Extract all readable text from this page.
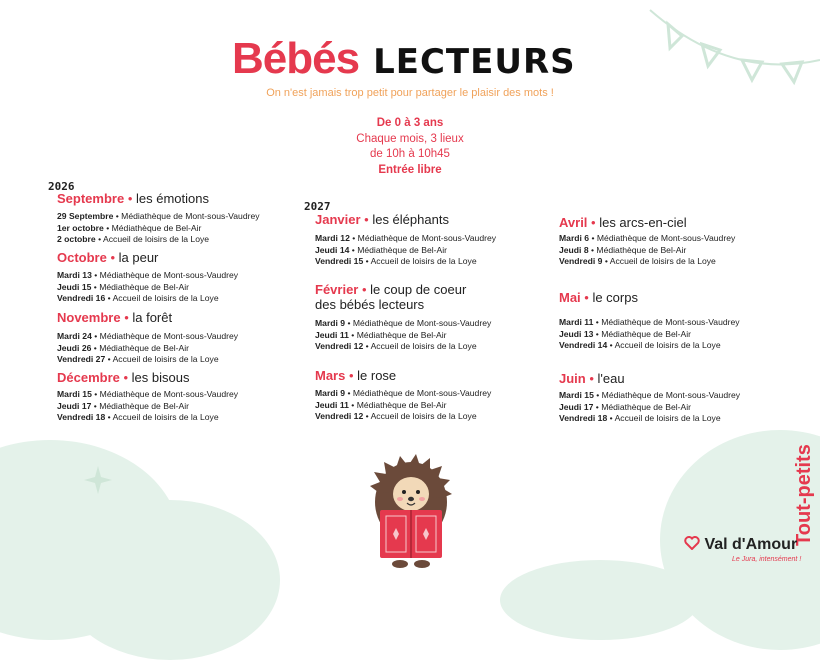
Bébés LECTEURS
On n'est jamais trop petit pour partager le plaisir des mots !
De 0 à 3 ans
Chaque mois, 3 lieux
de 10h à 10h45
Entrée libre
2026
2027
Septembre • les émotions
29 Septembre • Médiathèque de Mont-sous-Vaudrey
1er octobre • Médiathèque de Bel-Air
2 octobre • Accueil de loisirs de la Loye
Octobre • la peur
Mardi 13 • Médiathèque de Mont-sous-Vaudrey
Jeudi 15 • Médiathèque de Bel-Air
Vendredi 16 • Accueil de loisirs de la Loye
Novembre • la forêt
Mardi 24 • Médiathèque de Mont-sous-Vaudrey
Jeudi 26 • Médiathèque de Bel-Air
Vendredi 27 • Accueil de loisirs de la Loye
Décembre • les bisous
Mardi 15 • Médiathèque de Mont-sous-Vaudrey
Jeudi 17 • Médiathèque de Bel-Air
Vendredi 18 • Accueil de loisirs de la Loye
Janvier • les éléphants
Mardi 12 • Médiathèque de Mont-sous-Vaudrey
Jeudi 14 • Médiathèque de Bel-Air
Vendredi 15 • Accueil de loisirs de la Loye
Février • le coup de coeur
des bébés lecteurs
Mardi 9 • Médiathèque de Mont-sous-Vaudrey
Jeudi 11 • Médiathèque de Bel-Air
Vendredi 12 • Accueil de loisirs de la Loye
Mars • le rose
Mardi 9 • Médiathèque de Mont-sous-Vaudrey
Jeudi 11 • Médiathèque de Bel-Air
Vendredi 12 • Accueil de loisirs de la Loye
Avril • les arcs-en-ciel
Mardi 6 • Médiathèque de Mont-sous-Vaudrey
Jeudi 8 • Médiathèque de Bel-Air
Vendredi 9 • Accueil de loisirs de la Loye
Mai • le corps
Mardi 11 • Médiathèque de Mont-sous-Vaudrey
Jeudi 13 • Médiathèque de Bel-Air
Vendredi 14 • Accueil de loisirs de la Loye
Juin • l'eau
Mardi 15 • Médiathèque de Mont-sous-Vaudrey
Jeudi 17 • Médiathèque de Bel-Air
Vendredi 18 • Accueil de loisirs de la Loye
Tout-petits
Val d'Amour
Le Jura, intensément !
